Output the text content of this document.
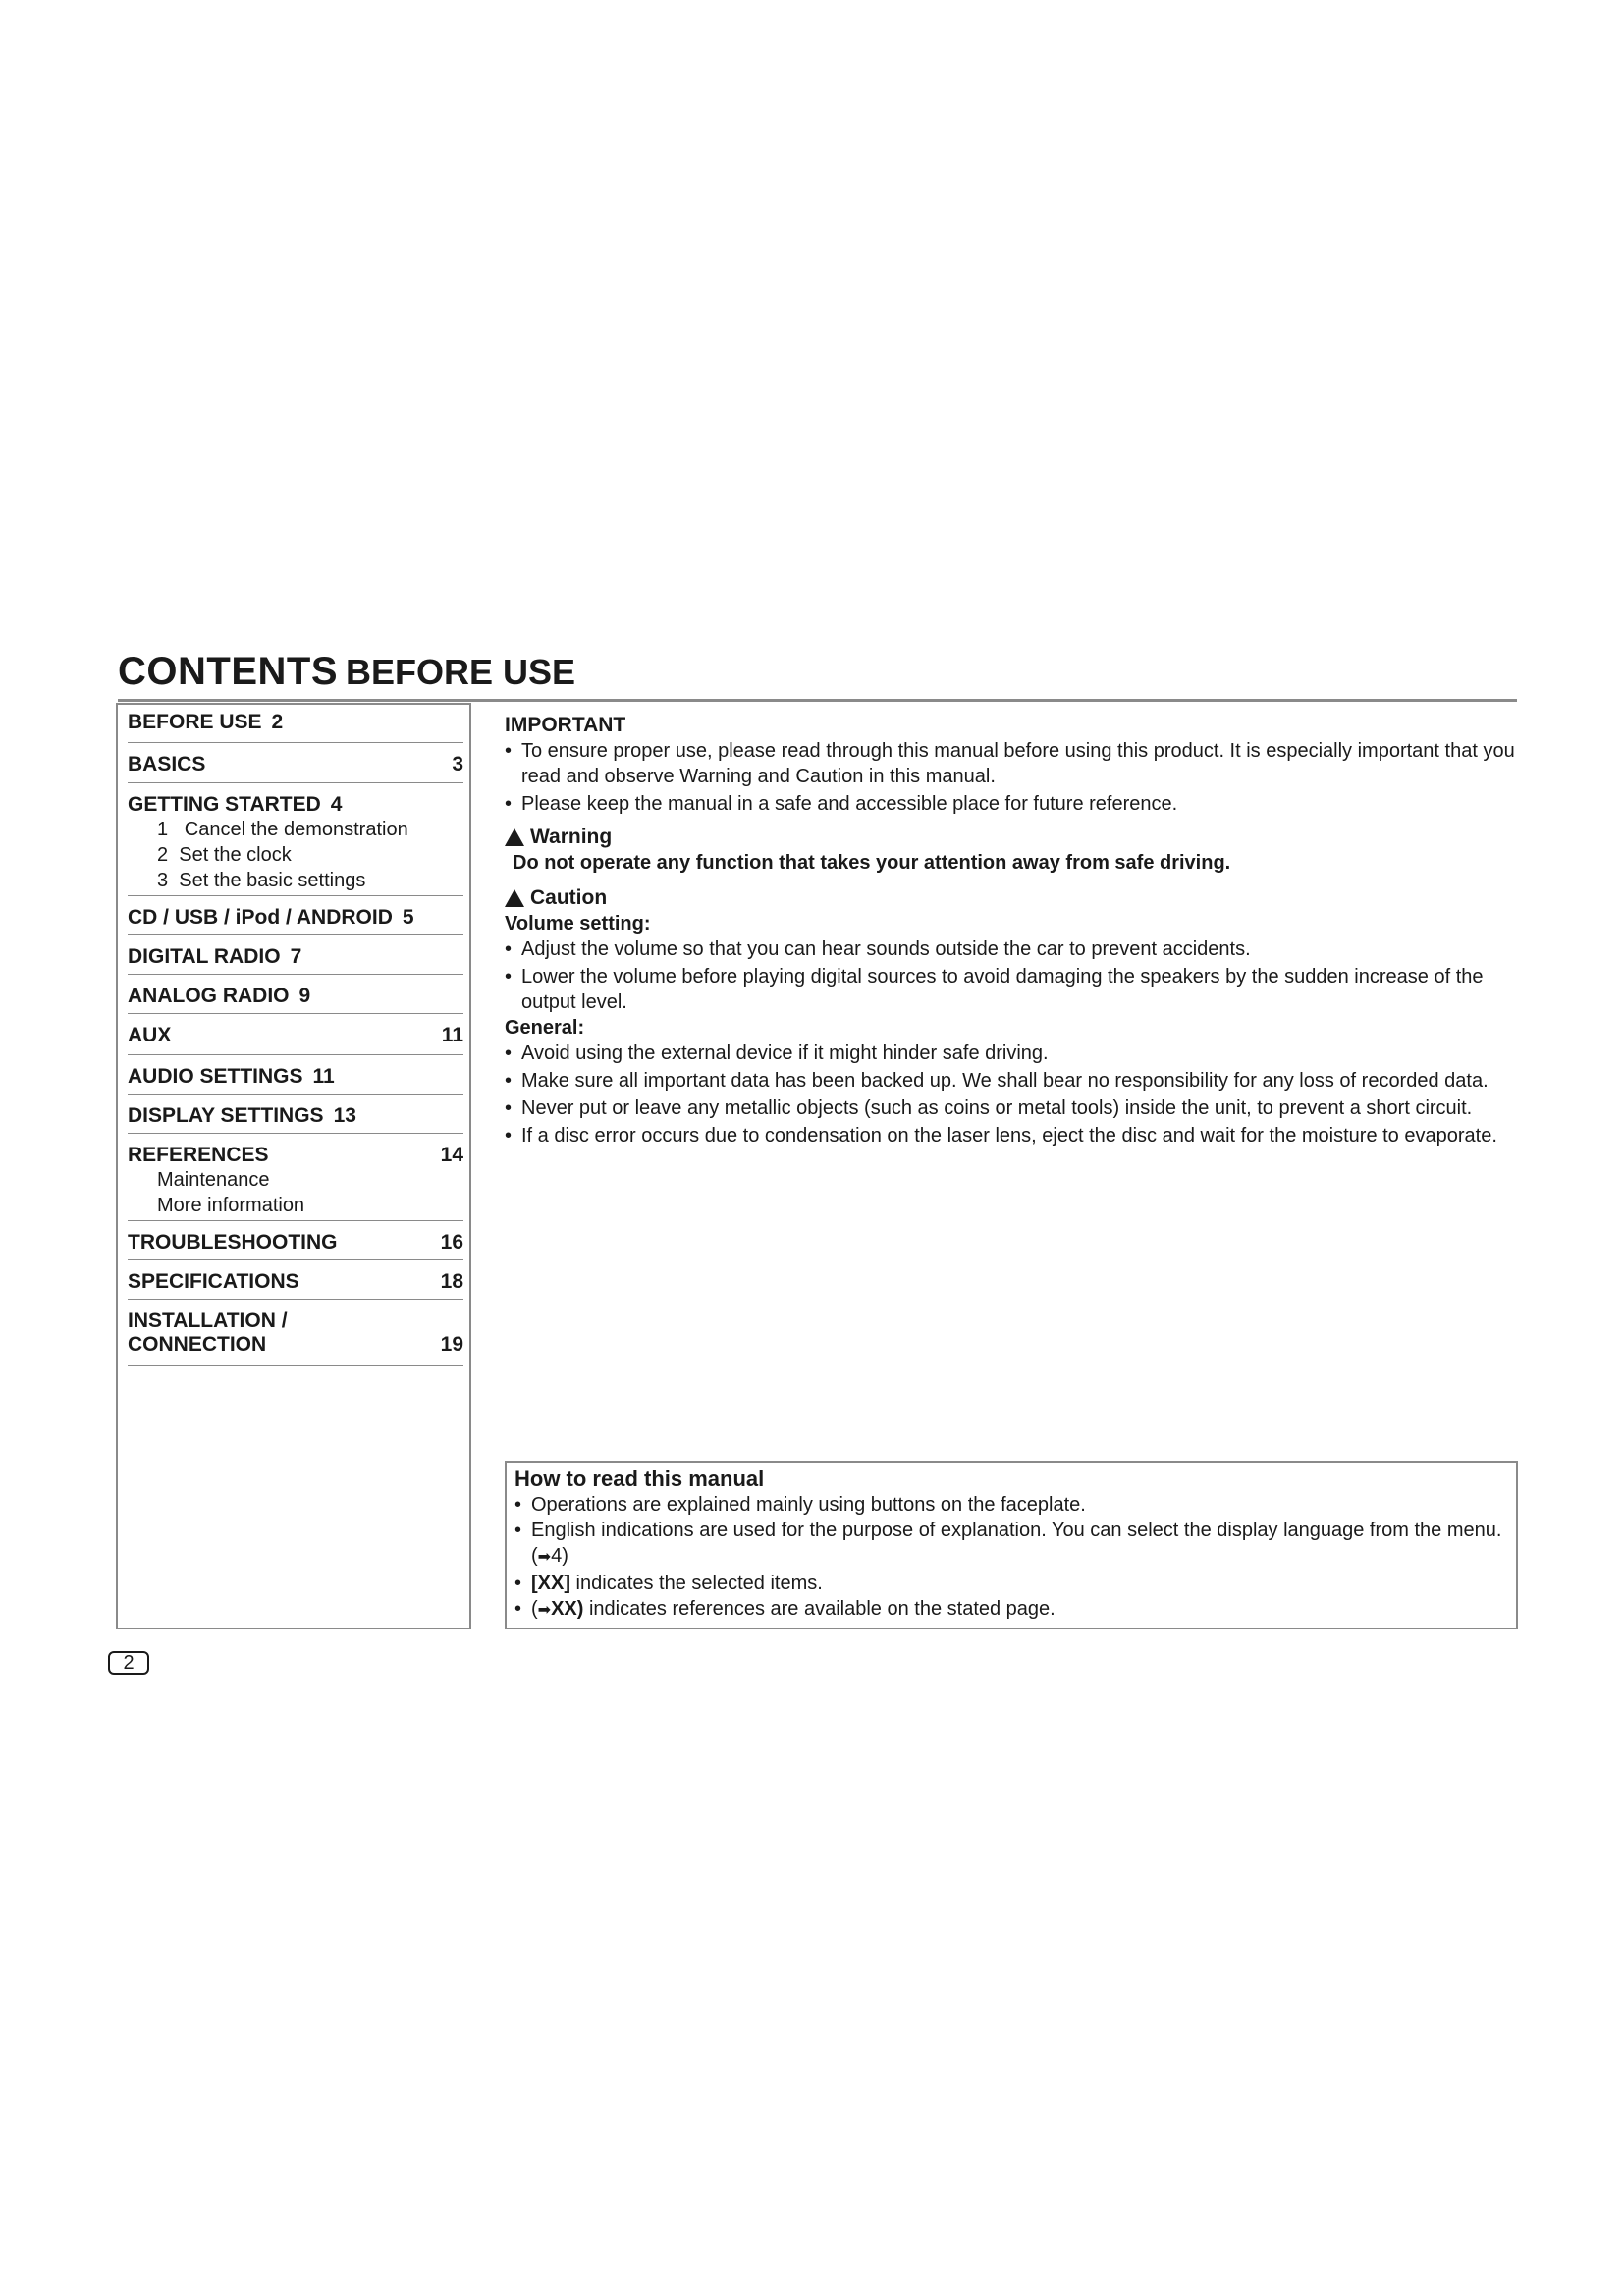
CONTENTS BEFORE USE
BEFORE USE 2
BASICS	3
GETTING STARTED 4
1   Cancel the demonstration
2  Set the clock
3  Set the basic settings
CD / USB / iPod / ANDROID 5
DIGITAL RADIO 7
ANALOG RADIO 9
AUX	11
AUDIO SETTINGS 11
DISPLAY SETTINGS 13
REFERENCES	14
Maintenance
More information
TROUBLESHOOTING	16
SPECIFICATIONS	18
INSTALLATION /
CONNECTION	19
IMPORTANT
• To ensure proper use, please read through this manual before using this product. It is especially important that you read and observe Warning and Caution in this manual.
• Please keep the manual in a safe and accessible place for future reference.
Warning
Do not operate any function that takes your attention away from safe driving.
Caution
Volume setting:
• Adjust the volume so that you can hear sounds outside the car to prevent accidents.
• Lower the volume before playing digital sources to avoid damaging the speakers by the sudden increase of the output level.
General:
• Avoid using the external device if it might hinder safe driving.
• Make sure all important data has been backed up. We shall bear no responsibility for any loss of recorded data.
• Never put or leave any metallic objects (such as coins or metal tools) inside the unit, to prevent a short circuit.
• If a disc error occurs due to condensation on the laser lens, eject the disc and wait for the moisture to evaporate.
How to read this manual
• Operations are explained mainly using buttons on the faceplate.
• English indications are used for the purpose of explanation. You can select the display language from the menu. (➡4)
• [XX] indicates the selected items.
• (➡XX) indicates references are available on the stated page.
2
